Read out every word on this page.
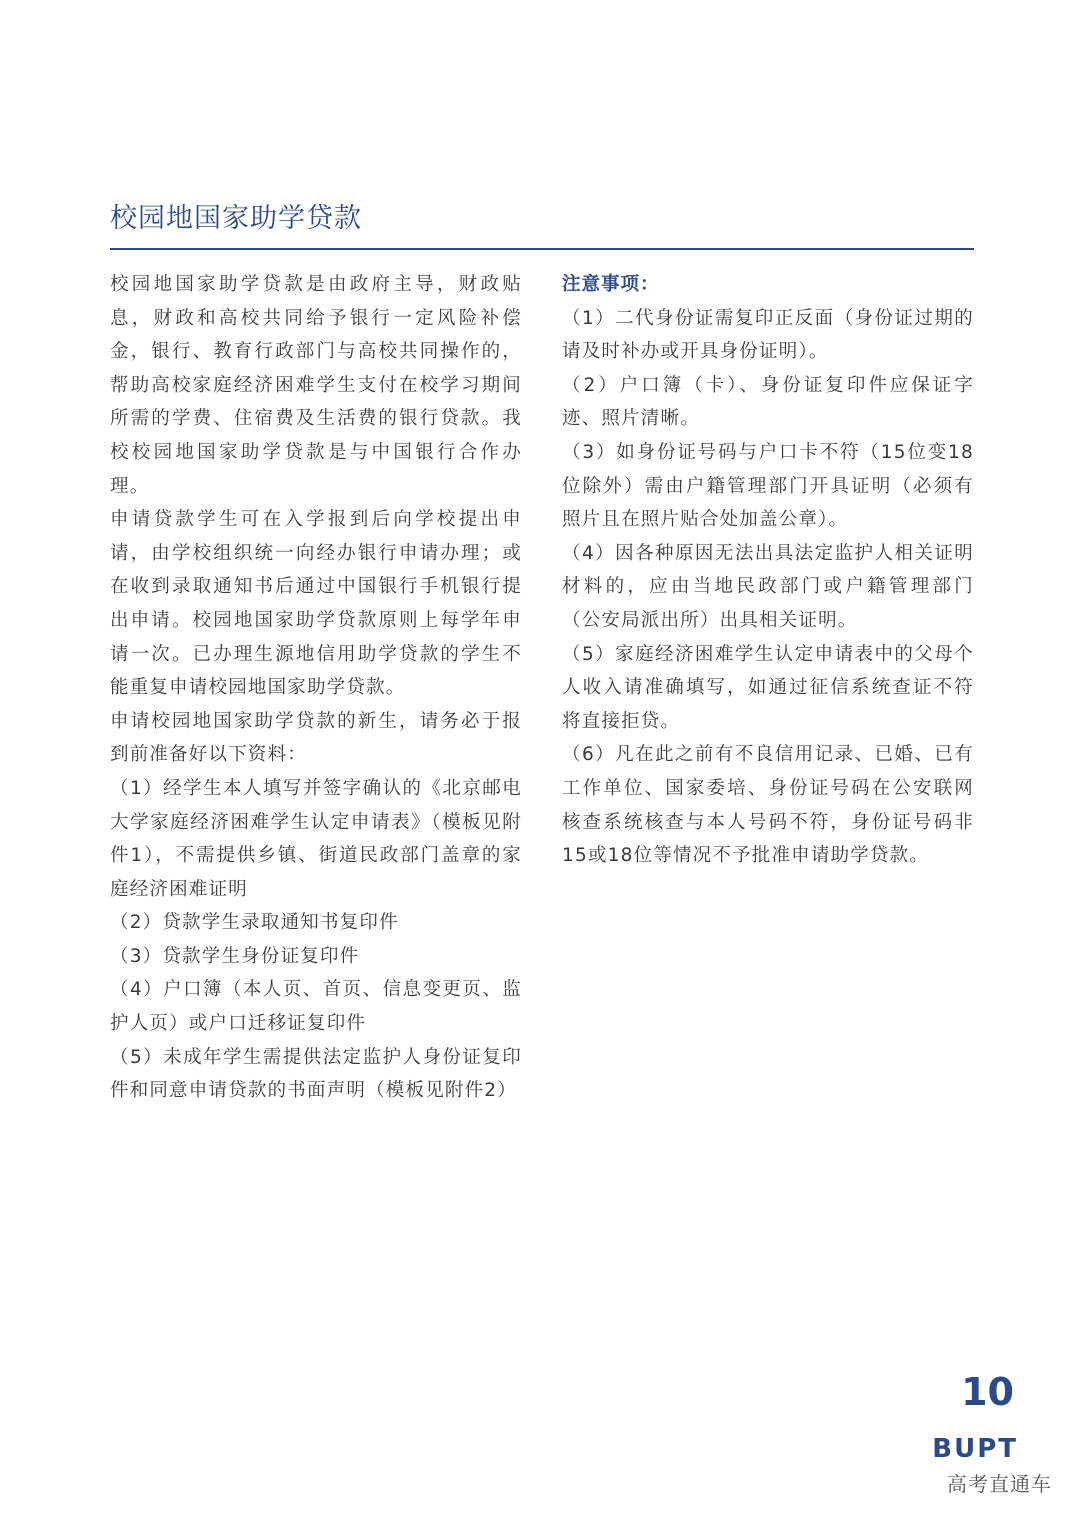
校园地国家助学贷款

校园地国家助学贷款是由政府主导，财政贴息，财政和高校共同给予银行一定风险补偿金，银行、教育行政部门与高校共同操作的，帮助高校家庭经济困难学生支付在校学习期间所需的学费、住宿费及生活费的银行贷款。我校校园地国家助学贷款是与中国银行合作办理。

申请贷款学生可在入学报到后向学校提出申请，由学校组织统一向经办银行申请办理；或在收到录取通知书后通过中国银行手机银行提出申请。校园地国家助学贷款原则上每学年申请一次。已办理生源地信用助学贷款的学生不能重复申请校园地国家助学贷款。

申请校园地国家助学贷款的新生，请务必于报到前准备好以下资料：

（1）经学生本人填写并签字确认的《北京邮电大学家庭经济困难学生认定申请表》（模板见附件1），不需提供乡镇、街道民政部门盖章的家庭经济困难证明

（2）贷款学生录取通知书复印件

（3）贷款学生身份证复印件

（4）户口簿（本人页、首页、信息变更页、监护人页）或户口迁移证复印件

（5）未成年学生需提供法定监护人身份证复印件和同意申请贷款的书面声明（模板见附件2）

注意事项：

（1）二代身份证需复印正反面（身份证过期的请及时补办或开具身份证明）。

（2）户口簿（卡）、身份证复印件应保证字迹、照片清晰。

（3）如身份证号码与户口卡不符（15位变18位除外）需由户籍管理部门开具证明（必须有照片且在照片贴合处加盖公章）。

（4）因各种原因无法出具法定监护人相关证明材料的，应由当地民政部门或户籍管理部门（公安局派出所）出具相关证明。

（5）家庭经济困难学生认定申请表中的父母个人收入请准确填写，如通过征信系统查证不符将直接拒贷。

（6）凡在此之前有不良信用记录、已婚、已有工作单位、国家委培、身份证号码在公安联网核查系统核查与本人号码不符，身份证号码非15或18位等情况不予批准申请助学贷款。

10
BUPT
高考直通车
